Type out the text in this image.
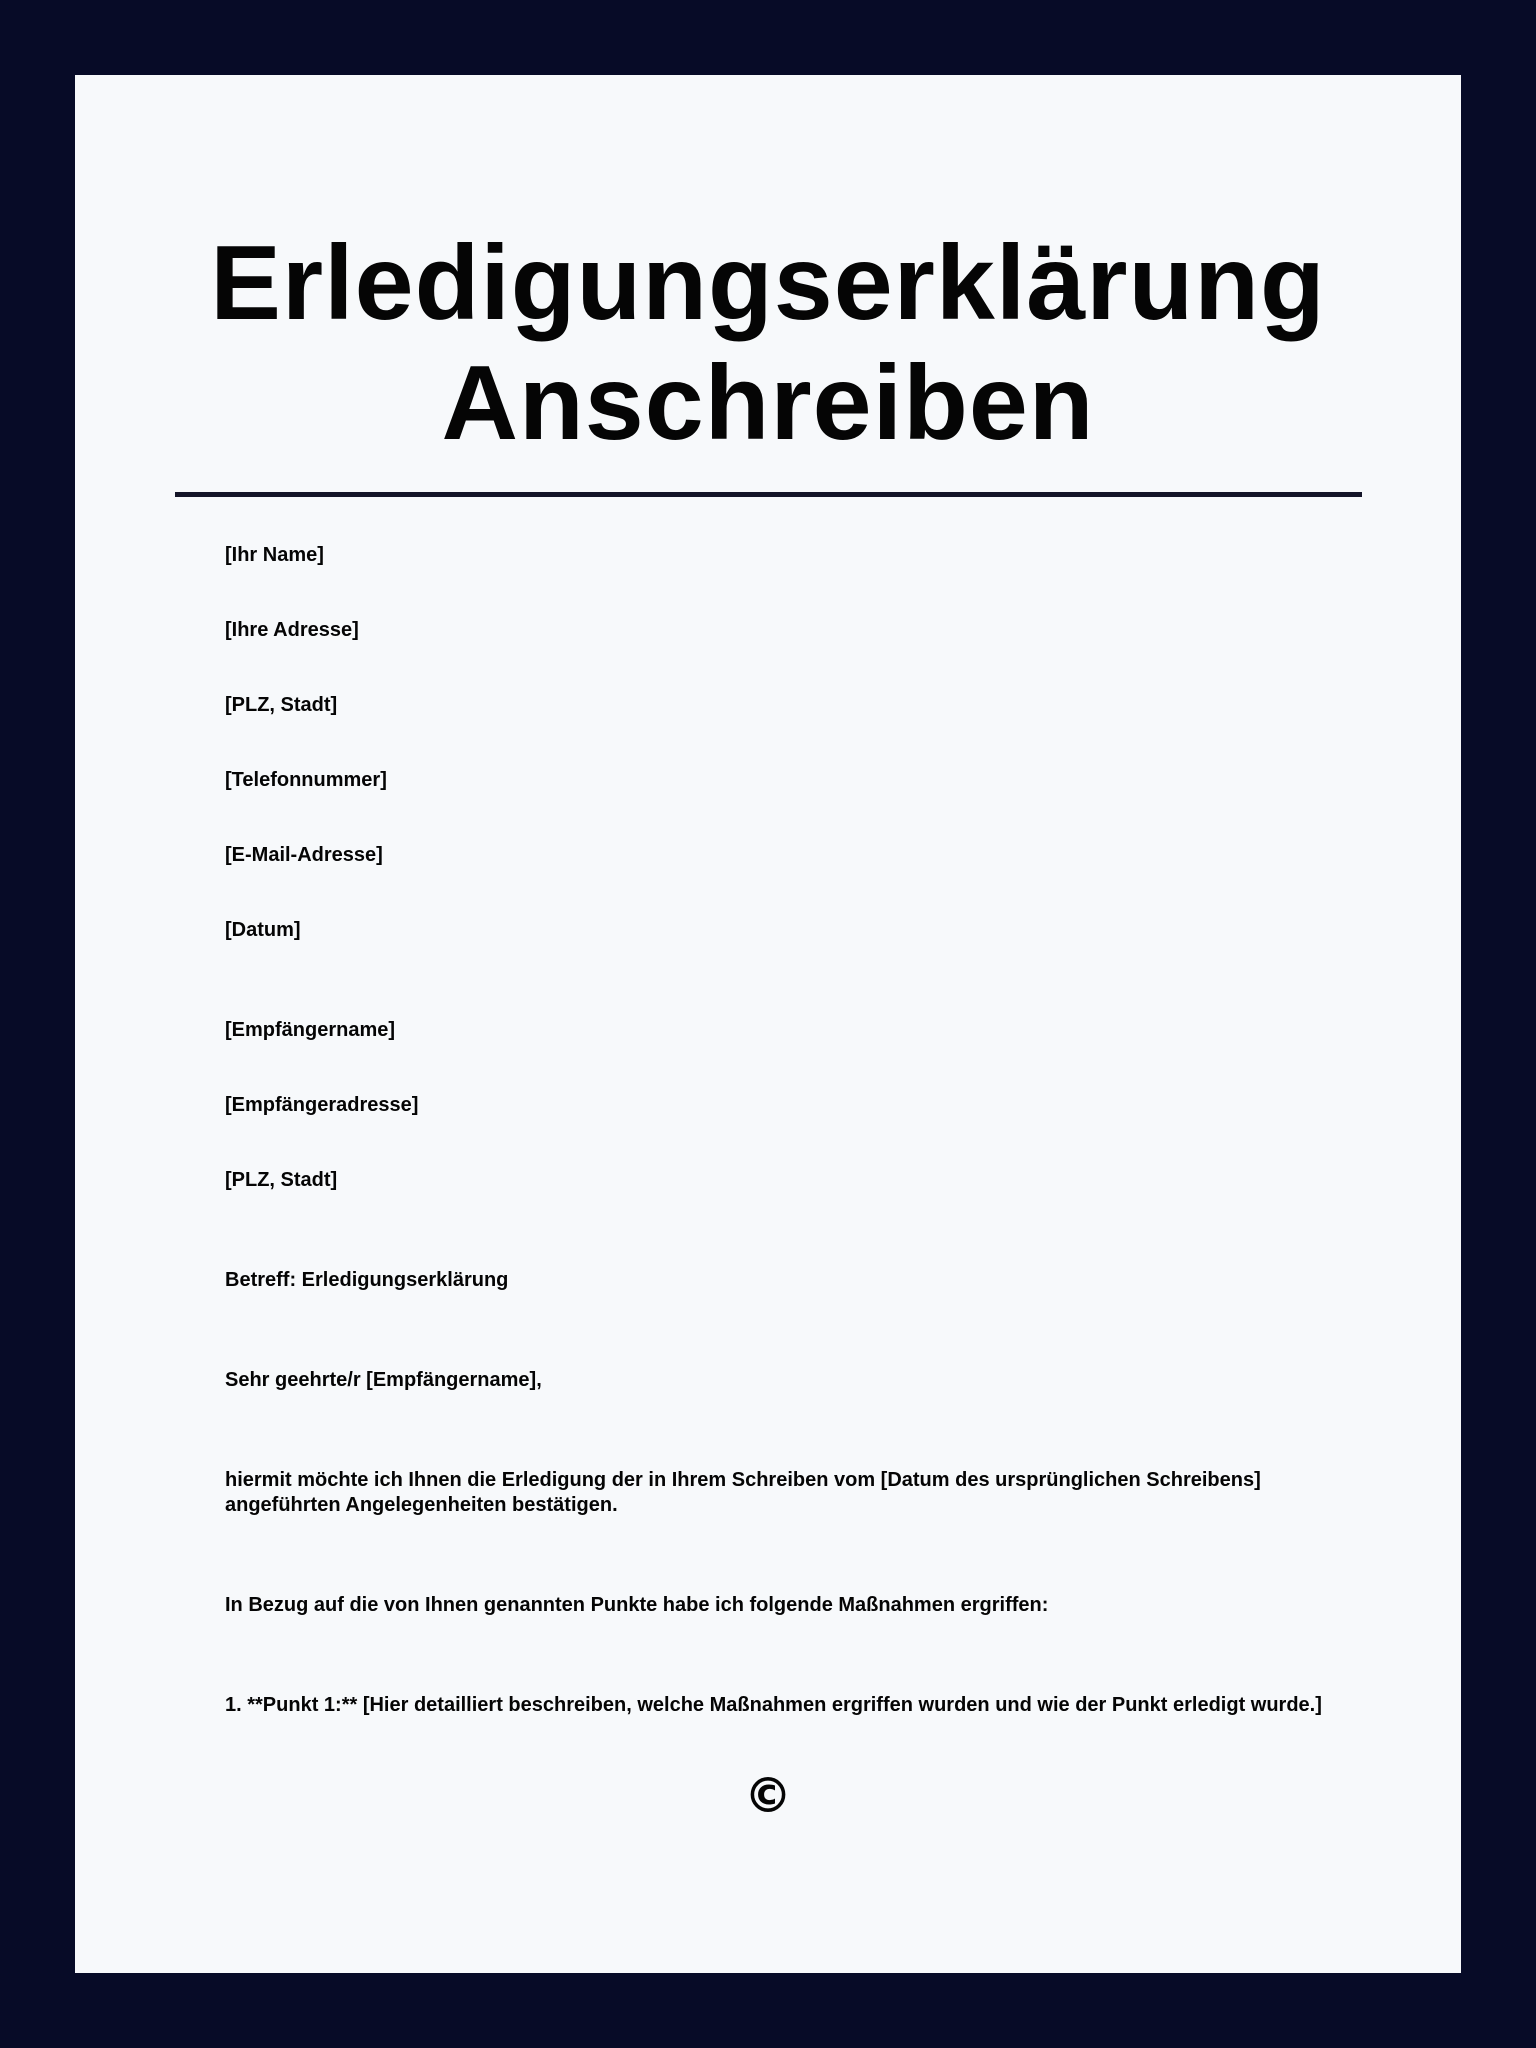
Erledigungserklärung
Anschreiben

[Ihr Name]

[Ihre Adresse]

[PLZ, Stadt]

[Telefonnummer]

[E-Mail-Adresse]

[Datum]

[Empfängername]

[Empfängeradresse]

[PLZ, Stadt]

Betreff: Erledigungserklärung

Sehr geehrte/r [Empfängername],

hiermit möchte ich Ihnen die Erledigung der in Ihrem Schreiben vom [Datum des ursprünglichen Schreibens] angeführten Angelegenheiten bestätigen.

In Bezug auf die von Ihnen genannten Punkte habe ich folgende Maßnahmen ergriffen:

1. **Punkt 1:** [Hier detailliert beschreiben, welche Maßnahmen ergriffen wurden und wie der Punkt erledigt wurde.]

©
